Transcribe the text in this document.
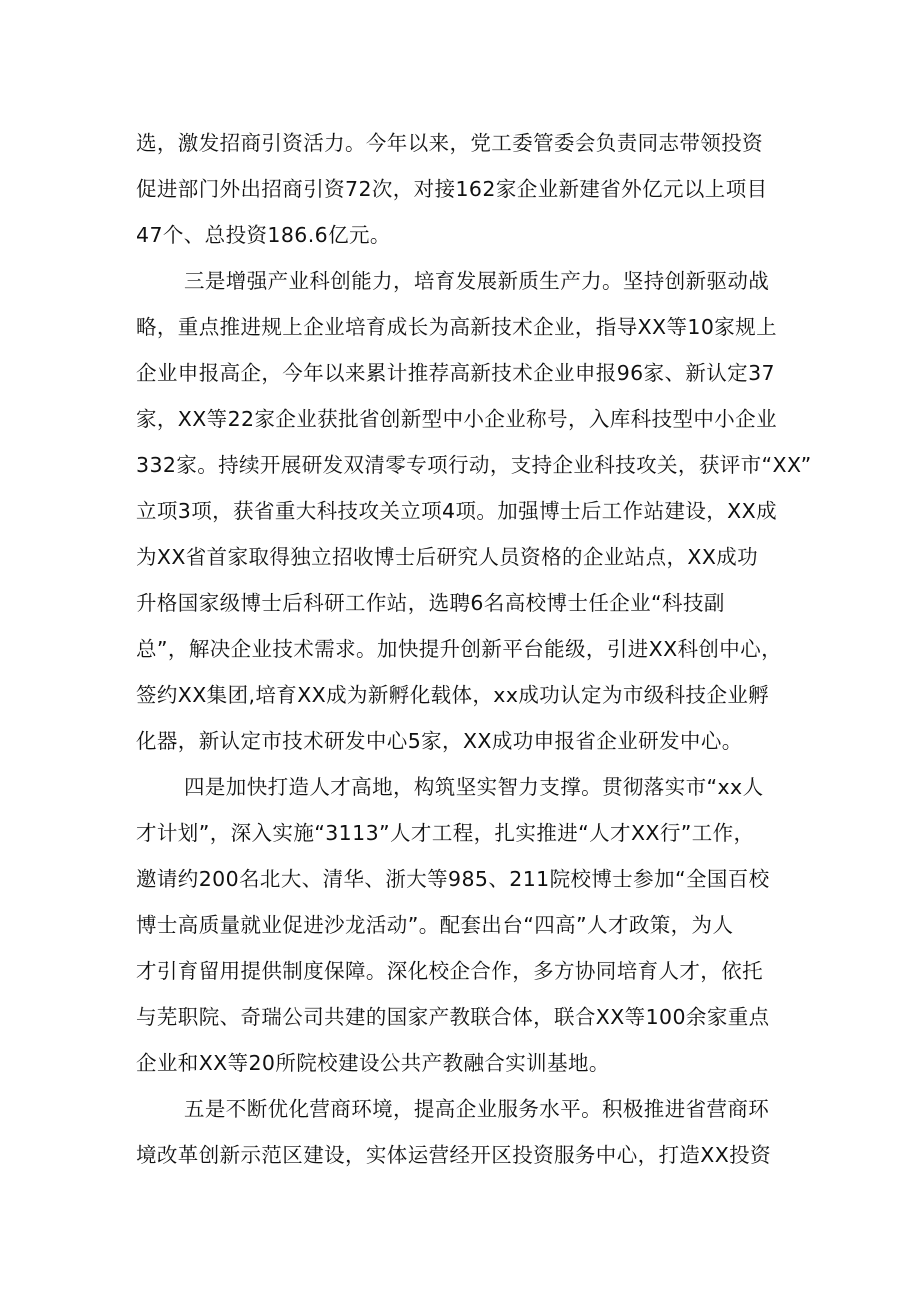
选，激发招商引资活力。今年以来，党工委管委会负责同志带领投资
促进部门外出招商引资72次，对接162家企业新建省外亿元以上项目
47个、总投资186.6亿元。
三是增强产业科创能力，培育发展新质生产力。坚持创新驱动战
略，重点推进规上企业培育成长为高新技术企业，指导XX等10家规上
企业申报高企，今年以来累计推荐高新技术企业申报96家、新认定37
家，XX等22家企业获批省创新型中小企业称号，入库科技型中小企业
332家。持续开展研发双清零专项行动，支持企业科技攻关，获评市“XX”
立项3项，获省重大科技攻关立项4项。加强博士后工作站建设，XX成
为XX省首家取得独立招收博士后研究人员资格的企业站点，XX成功
升格国家级博士后科研工作站，选聘6名高校博士任企业“科技副
总”，解决企业技术需求。加快提升创新平台能级，引进XX科创中心，
签约XX集团,培育XX成为新孵化载体，xx成功认定为市级科技企业孵
化器，新认定市技术研发中心5家，XX成功申报省企业研发中心。
四是加快打造人才高地，构筑坚实智力支撑。贯彻落实市“xx人
才计划”，深入实施“3113”人才工程，扎实推进“人才XX行”工作，
邀请约200名北大、清华、浙大等985、211院校博士参加“全国百校
博士高质量就业促进沙龙活动”。配套出台“四高”人才政策，为人
才引育留用提供制度保障。深化校企合作，多方协同培育人才，依托
与芜职院、奇瑞公司共建的国家产教联合体，联合XX等100余家重点
企业和XX等20所院校建设公共产教融合实训基地。
五是不断优化营商环境，提高企业服务水平。积极推进省营商环
境改革创新示范区建设，实体运营经开区投资服务中心，打造XX投资
